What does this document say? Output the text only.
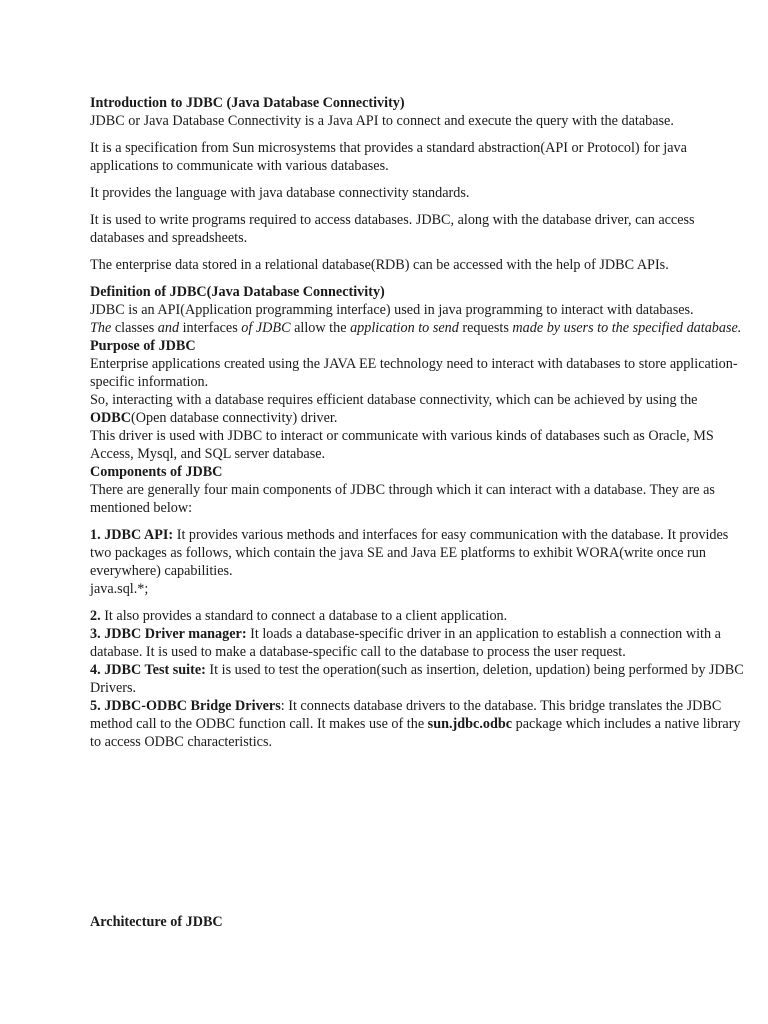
Introduction to JDBC (Java Database Connectivity)

JDBC or Java Database Connectivity is a Java API to connect and execute the query with the database.

It is a specification from Sun microsystems that provides a standard abstraction(API or Protocol) for java applications to communicate with various databases.

It provides the language with java database connectivity standards.

It is used to write programs required to access databases. JDBC, along with the database driver, can access databases and spreadsheets.

The enterprise data stored in a relational database(RDB) can be accessed with the help of JDBC APIs.

Definition of JDBC(Java Database Connectivity)

JDBC is an API(Application programming interface) used in java programming to interact with databases.

The classes and interfaces of JDBC allow the application to send requests made by users to the specified database.

Purpose of JDBC

Enterprise applications created using the JAVA EE technology need to interact with databases to store application-specific information.

So, interacting with a database requires efficient database connectivity, which can be achieved by using the ODBC(Open database connectivity) driver.

This driver is used with JDBC to interact or communicate with various kinds of databases such as Oracle, MS Access, Mysql, and SQL server database.

Components of JDBC

There are generally four main components of JDBC through which it can interact with a database. They are as mentioned below:

1. JDBC API: It provides various methods and interfaces for easy communication with the database. It provides two packages as follows, which contain the java SE and Java EE platforms to exhibit WORA(write once run everywhere) capabilities.

java.sql.*;

2. It also provides a standard to connect a database to a client application.

3. JDBC Driver manager: It loads a database-specific driver in an application to establish a connection with a database. It is used to make a database-specific call to the database to process the user request.

4. JDBC Test suite: It is used to test the operation(such as insertion, deletion, updation) being performed by JDBC Drivers.

5. JDBC-ODBC Bridge Drivers: It connects database drivers to the database. This bridge translates the JDBC method call to the ODBC function call. It makes use of the sun.jdbc.odbc package which includes a native library to access ODBC characteristics.

Architecture of JDBC
